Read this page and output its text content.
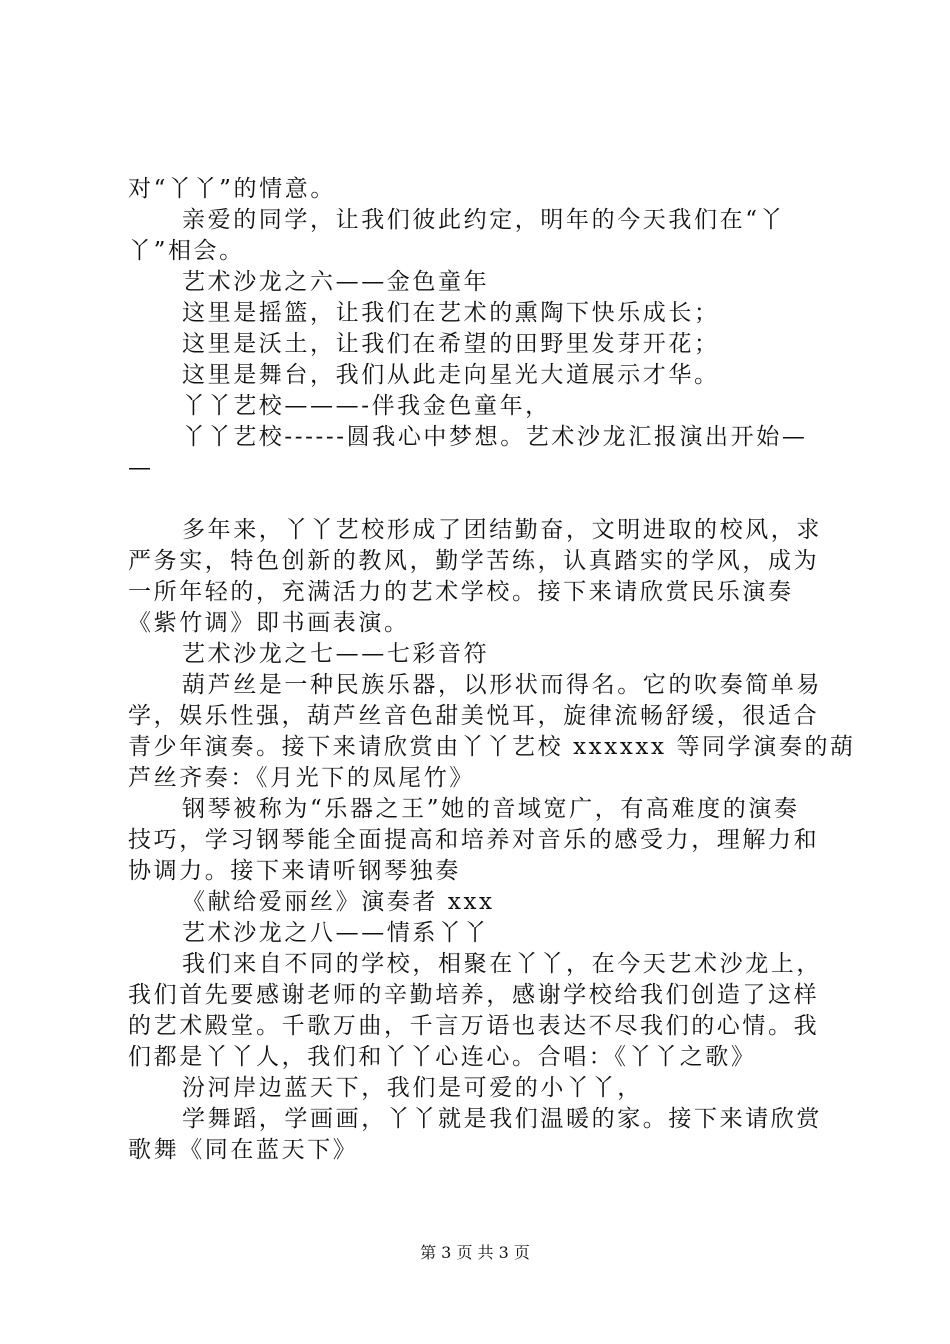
对“丫丫”的情意。
亲爱的同学，让我们彼此约定，明年的今天我们在“丫
丫”相会。
艺术沙龙之六——金色童年
这里是摇篮，让我们在艺术的熏陶下快乐成长；
这里是沃土，让我们在希望的田野里发芽开花；
这里是舞台，我们从此走向星光大道展示才华。
丫丫艺校———-伴我金色童年，
丫丫艺校------圆我心中梦想。艺术沙龙汇报演出开始—
—
多年来，丫丫艺校形成了团结勤奋，文明进取的校风，求
严务实，特色创新的教风，勤学苦练，认真踏实的学风，成为
一所年轻的，充满活力的艺术学校。接下来请欣赏民乐演奏
《紫竹调》即书画表演。
艺术沙龙之七——七彩音符
葫芦丝是一种民族乐器，以形状而得名。它的吹奏简单易
学，娱乐性强，葫芦丝音色甜美悦耳，旋律流畅舒缓，很适合
青少年演奏。接下来请欣赏由丫丫艺校 xxxxxx 等同学演奏的葫
芦丝齐奏：《月光下的凤尾竹》
钢琴被称为“乐器之王”她的音域宽广，有高难度的演奏
技巧，学习钢琴能全面提高和培养对音乐的感受力，理解力和
协调力。接下来请听钢琴独奏
《献给爱丽丝》演奏者 xxx
艺术沙龙之八——情系丫丫
我们来自不同的学校，相聚在丫丫，在今天艺术沙龙上，
我们首先要感谢老师的辛勤培养，感谢学校给我们创造了这样
的艺术殿堂。千歌万曲，千言万语也表达不尽我们的心情。我
们都是丫丫人，我们和丫丫心连心。合唱：《丫丫之歌》
汾河岸边蓝天下，我们是可爱的小丫丫，
学舞蹈，学画画，丫丫就是我们温暖的家。接下来请欣赏
歌舞《同在蓝天下》
第 3 页 共 3 页
